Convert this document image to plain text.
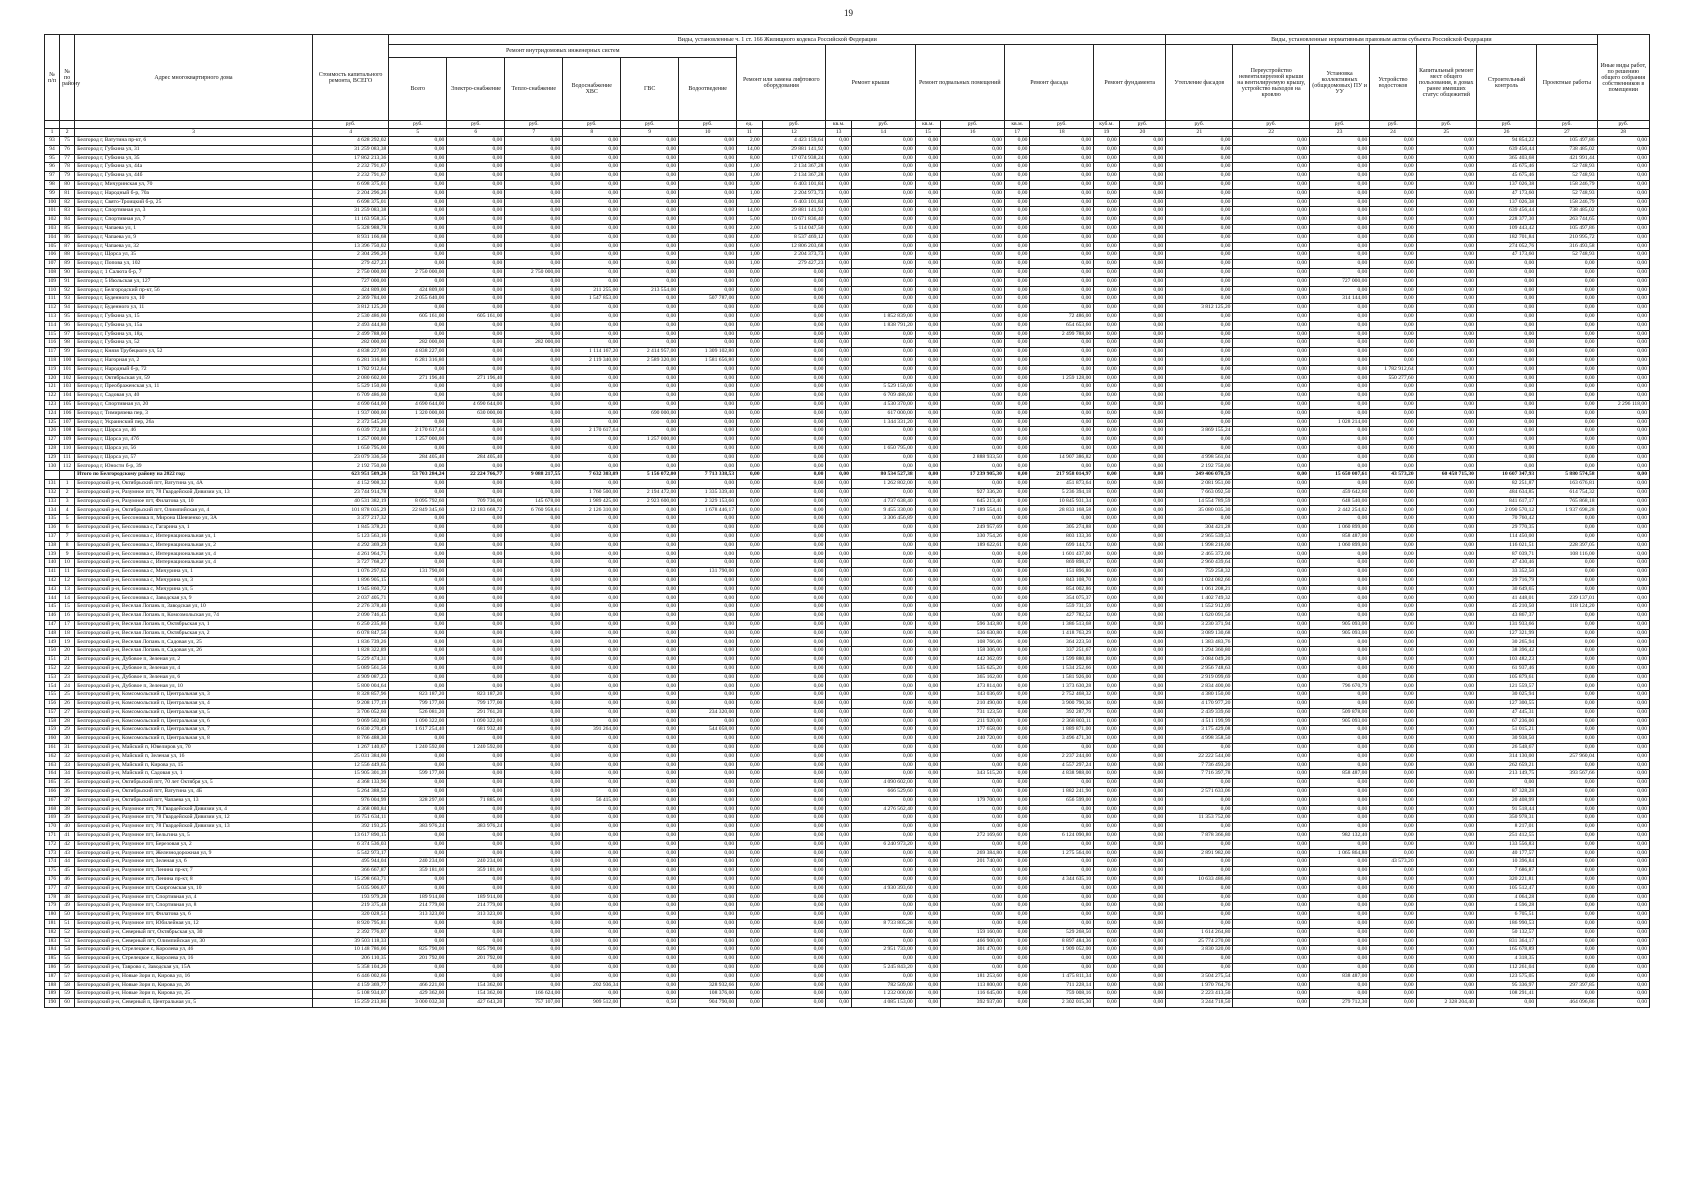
19
№ п/п	№ по району	Адрес многоквартирного дома	Стоимость капитального ремонта, ВСЕГО	Виды, установленные ч. 1 ст. 166 Жилищного кодекса Российской Федерации																Виды, установленные нормативным правовым актом субъекта Российской Федерации							Иные виды работ, по решению общего собрания собственников в помещении
				Ремонт внутридомовых инженерных систем						Ремонт или замена лифтового оборудования		Ремонт крыши		Ремонт подвальных помещений		Ремонт фасада		Ремонт фундамента		Утепление фасадов	Переустройство невентилируемой крыши на вентилируемую крышу, устройство выходов на кровлю	Установка коллективных (общедомовых) ПУ и УУ	Устройство водостоков	Капитальный ремонт мест общего пользования, в домах ранее имевших статус общежитий	Строительный контроль	Проектные работы	
				Всего	Электро-снабжение	Тепло-снабжение	Водоснабжение
ХВС	ГВС	Водоотведение																		
			руб.	руб.	руб.	руб.	руб.	руб.	руб.	ед.	руб.	кв.м.	руб.	кв.м.	руб.	кв.м.	руб.	куб.м.	руб.	руб.	руб.	руб.	руб.	руб.	руб.	руб.	руб.
1	2	3	4	5	6	7	8	9	10	11	12	13	14	15	16	17	18	19	20	21	22	23	24	25	26	27	28
93	75	Белгород г, Ватутина пр-кт, 6	4 628 292,02	0,00	0,00	0,00	0,00	0,00	0,00	2,00	4 423 159,64	0,00	0,00	0,00	0,00	0,00	0,00	0,00	0,00	0,00	0,00	0,00	0,00	0,00	94 854,22	105 497,86	0,00
94	76	Белгород г, Губкина ул, 31	31 259 083,38	0,00	0,00	0,00	0,00	0,00	0,00	14,00	29 881 141,92	0,00	0,00	0,00	0,00	0,00	0,00	0,00	0,00	0,00	0,00	0,00	0,00	0,00	639 456,44	738 485,02	0,00
95	77	Белгород г, Губкина ул, 35	17 862 213,36	0,00	0,00	0,00	0,00	0,00	0,00	8,00	17 074 938,24	0,00	0,00	0,00	0,00	0,00	0,00	0,00	0,00	0,00	0,00	0,00	0,00	0,00	365 403,68	421 991,44	0,00
96	78	Белгород г, Губкина ул, 44а	2 232 791,67	0,00	0,00	0,00	0,00	0,00	0,00	1,00	2 134 367,28	0,00	0,00	0,00	0,00	0,00	0,00	0,00	0,00	0,00	0,00	0,00	0,00	0,00	45 675,46	52 748,93	0,00
97	79	Белгород г, Губкина ул, 44б	2 232 791,67	0,00	0,00	0,00	0,00	0,00	0,00	1,00	2 134 367,28	0,00	0,00	0,00	0,00	0,00	0,00	0,00	0,00	0,00	0,00	0,00	0,00	0,00	45 675,46	52 748,93	0,00
98	80	Белгород г, Мичуринская ул, 70	6 698 375,01	0,00	0,00	0,00	0,00	0,00	0,00	3,00	6 403 101,84	0,00	0,00	0,00	0,00	0,00	0,00	0,00	0,00	0,00	0,00	0,00	0,00	0,00	137 026,38	158 246,79	0,00
99	81	Белгород г, Народный б-р, 70а	2 204 296,26	0,00	0,00	0,00	0,00	0,00	0,00	1,00	2 204 973,73	0,00	0,00	0,00	0,00	0,00	0,00	0,00	0,00	0,00	0,00	0,00	0,00	0,00	47 173,60	52 748,93	0,00
100	82	Белгород г, Свято-Троицкий б-р, 25	6 698 375,01	0,00	0,00	0,00	0,00	0,00	0,00	3,00	6 403 101,84	0,00	0,00	0,00	0,00	0,00	0,00	0,00	0,00	0,00	0,00	0,00	0,00	0,00	137 026,38	158 246,79	0,00
101	83	Белгород г, Спортивная ул, 3	31 259 083,38	0,00	0,00	0,00	0,00	0,00	0,00	14,00	29 881 141,92	0,00	0,00	0,00	0,00	0,00	0,00	0,00	0,00	0,00	0,00	0,00	0,00	0,00	639 456,44	738 485,02	0,00
102	84	Белгород г, Спортивная ул, 7	11 163 958,35	0,00	0,00	0,00	0,00	0,00	0,00	5,00	10 671 836,40	0,00	0,00	0,00	0,00	0,00	0,00	0,00	0,00	0,00	0,00	0,00	0,00	0,00	228 377,30	263 744,65	0,00
103	85	Белгород г, Чапаева ул, 1	5 328 988,78	0,00	0,00	0,00	0,00	0,00	0,00	2,00	5 114 047,50	0,00	0,00	0,00	0,00	0,00	0,00	0,00	0,00	0,00	0,00	0,00	0,00	0,00	109 443,42	105 497,86	0,00
104	86	Белгород г, Чапаева ул, 9	8 931 166,68	0,00	0,00	0,00	0,00	0,00	0,00	4,00	8 537 469,12	0,00	0,00	0,00	0,00	0,00	0,00	0,00	0,00	0,00	0,00	0,00	0,00	0,00	182 701,84	210 995,72	0,00
105	87	Белгород г, Чапаева ул, 32	13 396 750,02	0,00	0,00	0,00	0,00	0,00	0,00	6,00	12 806 203,68	0,00	0,00	0,00	0,00	0,00	0,00	0,00	0,00	0,00	0,00	0,00	0,00	0,00	274 052,76	316 493,58	0,00
106	88	Белгород г, Щорса ул, 35	2 304 296,26	0,00	0,00	0,00	0,00	0,00	0,00	1,00	2 204 373,73	0,00	0,00	0,00	0,00	0,00	0,00	0,00	0,00	0,00	0,00	0,00	0,00	0,00	47 173,60	52 748,93	0,00
107	89	Белгород г, Попова ул, 102	279 427,23	0,00	0,00	0,00	0,00	0,00	0,00	1,00	279 427,23	0,00	0,00	0,00	0,00	0,00	0,00	0,00	0,00	0,00	0,00	0,00	0,00	0,00	0,00	0,00	0,00
108	90	Белгород г, 1 Салюта б-р, 7	2 750 000,00	2 750 000,00	0,00	2 750 000,00	0,00	0,00	0,00	0,00	0,00	0,00	0,00	0,00	0,00	0,00	0,00	0,00	0,00	0,00	0,00	0,00	0,00	0,00	0,00	0,00	0,00
109	91	Белгород г, 5 Июльская ул, 127	727 000,00	0,00	0,00	0,00	0,00	0,00	0,00	0,00	0,00	0,00	0,00	0,00	0,00	0,00	0,00	0,00	0,00	0,00	0,00	727 000,00	0,00	0,00	0,00	0,00	0,00
110	92	Белгород г, Белгородский пр-кт, 56	424 809,00	424 809,00	0,00	0,00	211 255,00	213 554,00	0,00	0,00	0,00	0,00	0,00	0,00	0,00	0,00	0,00	0,00	0,00	0,00	0,00	0,00	0,00	0,00	0,00	0,00	0,00
111	93	Белгород г, Буденного ул, 10	2 369 784,00	2 055 640,00	0,00	0,00	1 547 853,00	0,00	507 787,00	0,00	0,00	0,00	0,00	0,00	0,00	0,00	0,00	0,00	0,00	0,00	0,00	314 144,00	0,00	0,00	0,00	0,00	0,00
112	94	Белгород г, Буденного ул, 11	3 812 125,20	0,00	0,00	0,00	0,00	0,00	0,00	0,00	0,00	0,00	0,00	0,00	0,00	0,00	0,00	0,00	0,00	3 812 125,20	0,00	0,00	0,00	0,00	0,00	0,00	0,00
113	95	Белгород г, Губкина ул, 15	2 530 486,00	605 161,00	605 161,00	0,00	0,00	0,00	0,00	0,00	0,00	0,00	1 852 839,00	0,00	0,00	0,00	72 486,00	0,00	0,00	0,00	0,00	0,00	0,00	0,00	0,00	0,00	0,00
114	96	Белгород г, Губкина ул, 15а	2 493 444,80	0,00	0,00	0,00	0,00	0,00	0,00	0,00	0,00	0,00	1 838 791,20	0,00	0,00	0,00	654 653,60	0,00	0,00	0,00	0,00	0,00	0,00	0,00	0,00	0,00	0,00
115	97	Белгород г, Губкина ул, 18д	2 499 788,00	0,00	0,00	0,00	0,00	0,00	0,00	0,00	0,00	0,00	0,00	0,00	0,00	0,00	2 499 788,00	0,00	0,00	0,00	0,00	0,00	0,00	0,00	0,00	0,00	0,00
116	98	Белгород г, Губкина ул, 52	282 000,00	282 000,00	0,00	282 000,00	0,00	0,00	0,00	0,00	0,00	0,00	0,00	0,00	0,00	0,00	0,00	0,00	0,00	0,00	0,00	0,00	0,00	0,00	0,00	0,00	0,00
117	99	Белгород г, Князя Трубецкого ул, 52	4 838 227,00	4 838 227,00	0,00	0,00	1 114 167,20	2 414 957,00	1 309 102,80	0,00	0,00	0,00	0,00	0,00	0,00	0,00	0,00	0,00	0,00	0,00	0,00	0,00	0,00	0,00	0,00	0,00	0,00
118	100	Белгород г, Нагорная ул, 2	6 281 316,80	6 281 316,80	0,00	0,00	2 119 340,00	2 589 320,00	1 581 656,80	0,00	0,00	0,00	0,00	0,00	0,00	0,00	0,00	0,00	0,00	0,00	0,00	0,00	0,00	0,00	0,00	0,00	0,00
119	101	Белгород г, Народный б-р, 72	1 782 912,64	0,00	0,00	0,00	0,00	0,00	0,00	0,00	0,00	0,00	0,00	0,00	0,00	0,00	0,00	0,00	0,00	0,00	0,00	0,00	1 782 912,64	0,00	0,00	0,00	0,00
120	102	Белгород г, Октябрьская ул, 59	2 080 602,00	271 196,40	271 196,40	0,00	0,00	0,00	0,00	0,00	0,00	0,00	0,00	0,00	0,00	0,00	1 259 128,00	0,00	0,00	0,00	0,00	0,00	550 277,60	0,00	0,00	0,00	0,00
121	103	Белгород г, Преображенская ул, 11	5 529 150,00	0,00	0,00	0,00	0,00	0,00	0,00	0,00	0,00	0,00	5 529 150,00	0,00	0,00	0,00	0,00	0,00	0,00	0,00	0,00	0,00	0,00	0,00	0,00	0,00	0,00
122	104	Белгород г, Садовая ул, 40	6 709 486,00	0,00	0,00	0,00	0,00	0,00	0,00	0,00	0,00	0,00	6 709 486,00	0,00	0,00	0,00	0,00	0,00	0,00	0,00	0,00	0,00	0,00	0,00	0,00	0,00	0,00
123	105	Белгород г, Спортивная ул, 20	4 690 644,00	4 690 644,00	4 690 644,00	0,00	0,00	0,00	0,00	0,00	0,00	0,00	4 530 370,00	0,00	0,00	0,00	0,00	0,00	0,00	0,00	0,00	0,00	0,00	0,00	0,00	0,00	2 296 118,00
124	106	Белгород г, Тимирязева пер, 3	1 937 000,00	1 320 000,00	630 000,00	0,00	0,00	690 000,00	0,00	0,00	0,00	0,00	617 000,00	0,00	0,00	0,00	0,00	0,00	0,00	0,00	0,00	0,00	0,00	0,00	0,00	0,00	0,00
125	107	Белгород г, Украинский пер, 26а	2 372 545,20	0,00	0,00	0,00	0,00	0,00	0,00	0,00	0,00	0,00	1 344 331,20	0,00	0,00	0,00	0,00	0,00	0,00	0,00	0,00	1 028 214,00	0,00	0,00	0,00	0,00	0,00
126	108	Белгород г, Щорса ул, 46	6 039 772,88	2 170 617,64	0,00	0,00	2 170 617,64	0,00	0,00	0,00	0,00	0,00	0,00	0,00	0,00	0,00	0,00	0,00	0,00	3 869 155,24	0,00	0,00	0,00	0,00	0,00	0,00	0,00
127	109	Белгород г, Щорса ул, 47б	1 257 000,00	1 257 000,00	0,00	0,00	0,00	1 257 000,00	0,00	0,00	0,00	0,00	0,00	0,00	0,00	0,00	0,00	0,00	0,00	0,00	0,00	0,00	0,00	0,00	0,00	0,00	0,00
128	110	Белгород г, Щорса ул, 56	1 650 795,00	0,00	0,00	0,00	0,00	0,00	0,00	0,00	0,00	0,00	1 650 795,00	0,00	0,00	0,00	0,00	0,00	0,00	0,00	0,00	0,00	0,00	0,00	0,00	0,00	0,00
129	111	Белгород г, Щорса ул, 57	23 079 336,56	284 405,40	284 405,40	0,00	0,00	0,00	0,00	0,00	0,00	0,00	0,00	0,00	2 888 933,50	0,00	14 907 386,82	0,00	0,00	4 998 561,04	0,00	0,00	0,00	0,00	0,00	0,00	0,00
130	112	Белгород г, Юности б-р, 39	2 192 750,00	0,00	0,00	0,00	0,00	0,00	0,00	0,00	0,00	0,00	0,00	0,00	0,00	0,00	0,00	0,00	0,00	2 192 750,00	0,00	0,00	0,00	0,00	0,00	0,00	0,00
		Итого по Белгородскому району на 2022 год:	623 951 509,26	53 703 284,24	22 224 766,77	9 088 217,55	7 632 303,09	5 156 072,00	7 713 338,53	0,00	0,00	0,00	80 534 527,38	0,00	17 239 905,30	0,00	217 958 014,97	0,00	0,00	249 406 070,59	0,00	15 650 007,61	43 573,20	60 458 715,30	10 607 347,93	5 880 574,58	0,00
131	1	Белгородский р-н, Октябрьский пгт, Ватутина ул, 4А	4 152 908,32	0,00	0,00	0,00	0,00	0,00	0,00	0,00	0,00	0,00	1 262 802,00	0,00	0,00	0,00	451 873,64	0,00	0,00	2 081 951,00	0,00	0,00	0,00	0,00	82 251,87	163 676,81	0,00
132	2	Белгородский р-н, Разумное пгт, 78 Гвардейской Дивизии ул, 13	23 744 914,78	0,00	0,00	0,00	1 760 500,00	2 194 472,00	1 335 339,40	0,00	0,00	0,00	0,00	0,00	927 336,20	0,00	5 236 394,18	0,00	0,00	7 663 092,50	0,00	459 642,60	0,00	0,00	484 634,85	614 754,32	0,00
133	3	Белгородский р-н, Разумное пгт, Филатова ул, 10	40 531 382,19	8 095 792,60	709 736,00	145 678,00	1 989 425,00	2 923 600,00	2 329 153,60	0,00	0,00	0,00	4 737 638,40	0,00	645 213,40	0,00	10 845 931,34	0,00	0,00	14 554 789,59	0,00	648 540,00	0,00	0,00	841 617,17	765 868,18	0,00
134	4	Белгородский р-н, Октябрьский пгт, Олимпийская ул, 4	101 878 035,29	22 849 345,60	12 183 668,72	6 760 958,61	2 126 310,00	0,00	1 678 446,17	0,00	0,00	0,00	9 455 330,00	0,00	7 189 554,41	0,00	28 833 168,58	0,00	0,00	35 080 035,30	0,00	2 442 254,02	0,00	0,00	2 090 570,12	1 937 698,28	0,00
135	5	Белгородский р-н, Бессоновка п, Мирона Шевченко ул, 3А	3 377 217,32	0,00	0,00	0,00	0,00	0,00	0,00	0,00	0,00	0,00	3 306 456,89	0,00	0,00	0,00	0,00	0,00	0,00	0,00	0,00	0,00	0,00	0,00	70 760,42	0,00	0,00
136	6	Белгородский р-н, Бессоновка с, Гагарина ул, 1	1 845 378,21	0,00	0,00	0,00	0,00	0,00	0,00	0,00	0,00	0,00	0,00	0,00	249 957,69	0,00	305 274,88	0,00	0,00	304 421,28	0,00	1 060 899,00	0,00	0,00	29 770,35	0,00	0,00
137	7	Белгородский р-н, Бессоновка с, Интернациональная ул, 1	5 123 563,16	0,00	0,00	0,00	0,00	0,00	0,00	0,00	0,00	0,00	0,00	0,00	330 754,26	0,00	803 133,36	0,00	0,00	2 965 539,53	0,00	858 487,00	0,00	0,00	114 450,00	0,00	0,00
138	8	Белгородский р-н, Бессоновка с, Интернациональная ул, 2	4 292 369,29	0,00	0,00	0,00	0,00	0,00	0,00	0,00	0,00	0,00	0,00	0,00	189 622,61	0,00	699 144,73	0,00	0,00	1 998 216,00	0,00	1 060 899,00	0,00	0,00	116 021,51	228 397,05	0,00
139	9	Белгородский р-н, Бессоновка с, Интернациональная ул, 4	4 261 964,71	0,00	0,00	0,00	0,00	0,00	0,00	0,00	0,00	0,00	0,00	0,00	0,00	0,00	1 601 437,00	0,00	0,00	2 465 372,00	0,00	0,00	0,00	0,00	87 039,71	108 116,00	0,00
140	10	Белгородский р-н, Бессоновка с, Интернациональная ул, 4	3 727 768,27	0,00	0,00	0,00	0,00	0,00	0,00	0,00	0,00	0,00	0,00	0,00	0,00	0,00	869 898,17	0,00	0,00	2 960 439,64	0,00	0,00	0,00	0,00	47 430,46	0,00	0,00
141	11	Белгородский р-н, Бессоновка с, Мичурина ул, 1	1 076 297,62	131 790,00	0,00	0,00	0,00	0,00	131 790,00	0,00	0,00	0,00	0,00	0,00	0,00	0,00	151 896,80	0,00	0,00	759 258,32	0,00	0,00	0,00	0,00	33 352,50	0,00	0,00
142	12	Белгородский р-н, Бессоновка с, Мичурина ул, 3	1 896 905,15	0,00	0,00	0,00	0,00	0,00	0,00	0,00	0,00	0,00	0,00	0,00	0,00	0,00	843 108,70	0,00	0,00	1 024 082,66	0,00	0,00	0,00	0,00	29 716,79	0,00	0,00
143	13	Белгородский р-н, Бессоновка с, Мичурина ул, 5	1 945 860,72	0,00	0,00	0,00	0,00	0,00	0,00	0,00	0,00	0,00	0,00	0,00	0,00	0,00	854 002,86	0,00	0,00	1 061 208,21	0,00	0,00	0,00	0,00	30 649,65	0,00	0,00
144	14	Белгородский р-н, Бессоновка с, Заводская ул, 9	2 037 405,71	0,00	0,00	0,00	0,00	0,00	0,00	0,00	0,00	0,00	0,00	0,00	0,00	0,00	354 075,37	0,00	0,00	1 402 749,32	0,00	0,00	0,00	0,00	41 448,01	239 137,01	0,00
145	15	Белгородский р-н, Веселая Лопань п, Заводская ул, 10	2 276 378,40	0,00	0,00	0,00	0,00	0,00	0,00	0,00	0,00	0,00	0,00	0,00	0,00	0,00	559 731,59	0,00	0,00	1 552 912,09	0,00	0,00	0,00	0,00	45 210,50	118 124,20	0,00
146	16	Белгородский р-н, Веселая Лопань п, Комсомольская ул, 74	2 090 746,45	0,00	0,00	0,00	0,00	0,00	0,00	0,00	0,00	0,00	0,00	0,00	0,00	0,00	427 782,52	0,00	0,00	1 620 091,56	0,00	0,00	0,00	0,00	43 867,37	0,00	0,00
147	17	Белгородский р-н, Веселая Лопань п, Октябрьская ул, 1	6 250 235,86	0,00	0,00	0,00	0,00	0,00	0,00	0,00	0,00	0,00	0,00	0,00	596 343,80	0,00	1 386 513,68	0,00	0,00	3 230 371,94	0,00	905 093,00	0,00	0,00	131 933,66	0,00	0,00
148	18	Белгородский р-н, Веселая Лопань п, Октябрьская ул, 2	6 078 847,56	0,00	0,00	0,00	0,00	0,00	0,00	0,00	0,00	0,00	0,00	0,00	536 630,80	0,00	1 418 763,29	0,00	0,00	3 089 130,68	0,00	905 093,00	0,00	0,00	127 321,99	0,00	0,00
149	19	Белгородский р-н, Веселая Лопань п, Садовая ул, 25	1 836 739,26	0,00	0,00	0,00	0,00	0,00	0,00	0,00	0,00	0,00	0,00	0,00	108 766,06	0,00	364 223,50	0,00	0,00	1 383 483,76	0,00	0,00	0,00	0,00	30 265,94	0,00	0,00
150	20	Белгородский р-н, Веселая Лопань п, Садовая ул, 26	1 828 322,89	0,00	0,00	0,00	0,00	0,00	0,00	0,00	0,00	0,00	0,00	0,00	158 306,00	0,00	337 251,67	0,00	0,00	1 294 360,80	0,00	0,00	0,00	0,00	38 396,42	0,00	0,00
151	21	Белгородский р-н, Дубовое п, Зеленая ул, 2	5 229 474,31	0,00	0,00	0,00	0,00	0,00	0,00	0,00	0,00	0,00	0,00	0,00	442 362,09	0,00	1 599 880,88	0,00	0,00	3 084 049,20	0,00	0,00	0,00	0,00	103 482,23	0,00	0,00
152	22	Белгородский р-н, Дубовое п, Зеленая ул, 4	5 089 561,56	0,00	0,00	0,00	0,00	0,00	0,00	0,00	0,00	0,00	0,00	0,00	535 625,20	0,00	1 534 252,66	0,00	0,00	2 956 748,63	0,00	0,00	0,00	0,00	61 937,46	0,00	0,00
153	23	Белгородский р-н, Дубовое п, Зеленая ул, 6	4 909 087,23	0,00	0,00	0,00	0,00	0,00	0,00	0,00	0,00	0,00	0,00	0,00	365 162,00	0,00	1 581 926,00	0,00	0,00	2 919 099,69	0,00	0,00	0,00	0,00	105 879,61	0,00	0,00
154	24	Белгородский р-н, Дубовое п, Зеленая ул, 10	5 800 004,64	0,00	0,00	0,00	0,00	0,00	0,00	0,00	0,00	0,00	0,00	0,00	473 814,00	0,00	1 373 630,28	0,00	0,00	2 834 400,00	0,00	796 670,79	0,00	0,00	121 559,57	0,00	0,00
155	25	Белгородский р-н, Комсомольский п, Центральная ул, 3	8 328 857,96	823 187,20	823 187,20	0,00	0,00	0,00	0,00	0,00	0,00	0,00	0,00	0,00	343 036,69	0,00	2 752 468,32	0,00	0,00	4 380 150,00	0,00	0,00	0,00	0,00	30 025,94	0,00	0,00
156	26	Белгородский р-н, Комсомольский п, Центральная ул, 4	9 208 177,19	799 177,00	799 177,00	0,00	0,00	0,00	0,00	0,00	0,00	0,00	0,00	0,00	210 490,00	0,00	3 900 790,36	0,00	0,00	4 170 977,20	0,00	0,00	0,00	0,00	127 300,55	0,00	0,00
157	27	Белгородский р-н, Комсомольский п, Центральная ул, 5	3 706 052,60	526 081,20	291 761,20	0,00	0,00	0,00	234 320,00	0,00	0,00	0,00	0,00	0,00	731 123,50	0,00	392 287,79	0,00	0,00	2 439 339,60	0,00	509 878,00	0,00	0,00	47 445,31	0,00	0,00
158	28	Белгородский р-н, Комсомольский п, Центральная ул, 6	9 069 502,80	1 090 322,00	1 090 322,00	0,00	0,00	0,00	0,00	0,00	0,00	0,00	0,00	0,00	211 920,00	0,00	2 368 803,11	0,00	0,00	4 511 199,99	0,00	905 093,00	0,00	0,00	67 236,00	0,00	0,00
159	29	Белгородский р-н, Комсомольский п, Центральная ул, 7	6 830 270,49	1 617 254,40	681 932,40	0,00	391 264,00	0,00	544 058,00	0,00	0,00	0,00	0,00	0,00	177 658,00	0,00	1 889 871,00	0,00	0,00	3 175 429,08	0,00	0,00	0,00	0,00	51 015,21	0,00	0,00
160	30	Белгородский р-н, Комсомольский п, Центральная ул, 8	8 766 488,30	0,00	0,00	0,00	0,00	0,00	0,00	0,00	0,00	0,00	0,00	0,00	240 720,00	0,00	3 496 471,30	0,00	0,00	4 998 358,50	0,00	0,00	0,00	0,00	30 938,50	0,00	0,00
161	31	Белгородский р-н, Майский п, Ювелиров ул, 70	1 267 140,67	1 240 592,00	1 240 592,00	0,00	0,00	0,00	0,00	0,00	0,00	0,00	0,00	0,00	0,00	0,00	0,00	0,00	0,00	0,00	0,00	0,00	0,00	0,00	26 548,67	0,00	0,00
162	32	Белгородский р-н, Майский п, Зеленая ул, 16	25 031 384,00	0,00	0,00	0,00	0,00	0,00	0,00	0,00	0,00	0,00	0,00	0,00	0,00	0,00	2 237 244,00	0,00	0,00	22 222 544,00	0,00	0,00	0,00	0,00	314 130,00	257 960,04	0,00
163	33	Белгородский р-н, Майский п, Кирова ул, 15	12 556 449,65	0,00	0,00	0,00	0,00	0,00	0,00	0,00	0,00	0,00	0,00	0,00	0,00	0,00	4 557 297,24	0,00	0,00	7 736 493,20	0,00	0,00	0,00	0,00	262 659,21	0,00	0,00
164	34	Белгородский р-н, Майский п, Садовая ул, 1	15 905 301,39	599 177,00	0,00	0,00	0,00	0,00	0,00	0,00	0,00	0,00	0,00	0,00	343 515,20	0,00	4 838 988,00	0,00	0,00	7 716 397,78	0,00	858 487,00	0,00	0,00	213 149,75	393 567,66	0,00
165	35	Белгородский р-н, Октябрьский пгт, 70 лет Октября ул, 5	4 368 133,96	0,00	0,00	0,00	0,00	0,00	0,00	0,00	0,00	0,00	4 090 602,00	0,00	0,00	0,00	0,00	0,00	0,00	0,00	0,00	0,00	0,00	0,00	0,00	0,00	0,00
166	36	Белгородский р-н, Октябрьский пгт, Ватутина ул, 4Б	5 264 388,52	0,00	0,00	0,00	0,00	0,00	0,00	0,00	0,00	0,00	666 529,60	0,00	0,00	0,00	1 882 241,90	0,00	0,00	2 571 633,06	0,00	0,00	0,00	0,00	87 328,28	0,00	0,00
167	37	Белгородский р-н, Октябрьский пгт, Чапаева ул, 13	976 004,99	328 297,00	71 885,00	0,00	56 415,00	0,00	0,00	0,00	0,00	0,00	0,00	0,00	179 700,00	0,00	656 599,00	0,00	0,00	0,00	0,00	0,00	0,00	0,00	20 408,99	0,00	0,00
168	38	Белгородский р-н, Разумное пгт, 78 Гвардейской Дивизии ул, 4	4 368 080,84	0,00	0,00	0,00	0,00	0,00	0,00	0,00	0,00	0,00	4 276 562,40	0,00	0,00	0,00	0,00	0,00	0,00	0,00	0,00	0,00	0,00	0,00	91 518,44	0,00	0,00
169	39	Белгородский р-н, Разумное пгт, 78 Гвардейской Дивизии ул, 12	16 751 634,11	0,00	0,00	0,00	0,00	0,00	0,00	0,00	0,00	0,00	0,00	0,00	0,00	0,00	0,00	0,00	0,00	11 353 752,00	0,00	0,00	0,00	0,00	350 978,31	0,00	0,00
170	40	Белгородский р-н, Разумное пгт, 78 Гвардейской Дивизии ул, 13	392 193,25	383 976,24	383 976,24	0,00	0,00	0,00	0,00	0,00	0,00	0,00	0,00	0,00	0,00	0,00	0,00	0,00	0,00	0,00	0,00	0,00	0,00	0,00	8 217,01	0,00	0,00
171	41	Белгородский р-н, Разумное пгт, Бельгина ул, 5	13 617 890,15	0,00	0,00	0,00	0,00	0,00	0,00	0,00	0,00	0,00	0,00	0,00	272 169,60	0,00	6 124 090,80	0,00	0,00	7 878 366,80	0,00	982 132,40	0,00	0,00	251 412,55	0,00	0,00
172	42	Белгородский р-н, Разумное пгт, Березовая ул, 2	6 374 536,03	0,00	0,00	0,00	0,00	0,00	0,00	0,00	0,00	0,00	6 240 973,20	0,00	0,00	0,00	0,00	0,00	0,00	0,00	0,00	0,00	0,00	0,00	133 556,83	0,00	0,00
173	43	Белгородский р-н, Разумное пгт, Железнодорожная ул, 9	5 542 973,17	0,00	0,00	0,00	0,00	0,00	0,00	0,00	0,00	0,00	0,00	0,00	269 384,80	0,00	1 275 564,00	0,00	0,00	2 891 982,00	0,00	1 065 864,80	0,00	0,00	40 177,57	0,00	0,00
174	44	Белгородский р-н, Разумное пгт, Зеленая ул, 6	495 944,04	240 234,00	240 234,00	0,00	0,00	0,00	0,00	0,00	0,00	0,00	0,00	0,00	201 740,00	0,00	0,00	0,00	0,00	0,00	0,00	0,00	43 573,20	0,00	10 396,84	0,00	0,00
175	45	Белгородский р-н, Разумное пгт, Ленина пр-кт, 7	366 667,87	359 181,00	359 181,00	0,00	0,00	0,00	0,00	0,00	0,00	0,00	0,00	0,00	0,00	0,00	0,00	0,00	0,00	0,00	0,00	0,00	0,00	0,00	7 686,87	0,00	0,00
176	46	Белгородский р-н, Разумное пгт, Ленина пр-кт, 8	15 298 663,71	0,00	0,00	0,00	0,00	0,00	0,00	0,00	0,00	0,00	0,00	0,00	0,00	0,00	4 344 635,10	0,00	0,00	10 633 486,80	0,00	0,00	0,00	0,00	320 221,81	0,00	0,00
177	47	Белгородский р-н, Разумное пгт, Скиргомская ул, 10	5 035 906,07	0,00	0,00	0,00	0,00	0,00	0,00	0,00	0,00	0,00	4 930 393,60	0,00	0,00	0,00	0,00	0,00	0,00	0,00	0,00	0,00	0,00	0,00	105 512,47	0,00	0,00
178	48	Белгородский р-н, Разумное пгт, Спортивная ул, 4	193 979,28	189 914,00	189 914,00	0,00	0,00	0,00	0,00	0,00	0,00	0,00	0,00	0,00	0,00	0,00	0,00	0,00	0,00	0,00	0,00	0,00	0,00	0,00	4 064,28	0,00	0,00
179	49	Белгородский р-н, Разумное пгт, Спортивная ул, 8	219 375,48	214 779,00	214 779,00	0,00	0,00	0,00	0,00	0,00	0,00	0,00	0,00	0,00	0,00	0,00	0,00	0,00	0,00	0,00	0,00	0,00	0,00	0,00	4 596,28	0,00	0,00
180	50	Белгородский р-н, Разумное пгт, Филатова ул, 6	320 028,51	313 323,00	313 323,00	0,00	0,00	0,00	0,00	0,00	0,00	0,00	0,00	0,00	0,00	0,00	0,00	0,00	0,00	0,00	0,00	0,00	0,00	0,00	6 705,51	0,00	0,00
181	51	Белгородский р-н, Разумное пгт, Юбилейная ул, 12	8 920 795,81	0,00	0,00	0,00	0,00	0,00	0,00	0,00	0,00	0,00	8 733 805,28	0,00	0,00	0,00	0,00	0,00	0,00	0,00	0,00	0,00	0,00	0,00	186 990,53	0,00	0,00
182	52	Белгородский р-н, Северный пгт, Октябрьская ул, 30	2 392 776,07	0,00	0,00	0,00	0,00	0,00	0,00	0,00	0,00	0,00	0,00	0,00	159 160,00	0,00	529 268,50	0,00	0,00	1 614 264,80	0,00	0,00	0,00	0,00	50 132,57	0,00	0,00
183	53	Белгородский р-н, Северный пгт, Олимпийская ул, 30	39 503 118,33	0,00	0,00	0,00	0,00	0,00	0,00	0,00	0,00	0,00	0,00	0,00	466 900,00	0,00	8 897 484,36	0,00	0,00	25 774 270,00	0,00	0,00	0,00	0,00	831 364,17	0,00	0,00
184	54	Белгородский р-н, Стрелецкое с, Королева ул, 46	10 148 786,06	825 790,00	825 790,00	0,00	0,00	0,00	0,00	0,00	0,00	0,00	2 951 733,00	0,00	301 470,00	0,00	1 909 052,00	0,00	0,00	3 830 320,00	0,00	0,00	0,00	0,00	165 678,89	0,00	0,00
185	55	Белгородский р-н, Стрелецкое с, Королева ул, 16	206 110,35	201 792,00	201 792,00	0,00	0,00	0,00	0,00	0,00	0,00	0,00	0,00	0,00	0,00	0,00	0,00	0,00	0,00	0,00	0,00	0,00	0,00	0,00	4 318,35	0,00	0,00
186	56	Белгородский р-н, Таврово с, Заводская ул, 15А	5 358 104,26	0,00	0,00	0,00	0,00	0,00	0,00	0,00	0,00	0,00	5 245 843,20	0,00	0,00	0,00	0,00	0,00	0,00	0,00	0,00	0,00	0,00	0,00	112 261,04	0,00	0,00
187	57	Белгородский р-н, Новые Зори п, Кирова ул, 16	6 446 002,66	0,00	0,00	0,00	0,00	0,00	0,00	0,00	0,00	0,00	0,00	0,00	181 253,60	0,00	1 475 811,34	0,00	0,00	3 504 275,54	0,00	838 487,00	0,00	0,00	123 575,05	0,00	0,00
188	58	Белгородский р-н, Новые Зори п, Кирова ул, 26	4 159 369,77	466 221,00	154 362,00	0,00	202 936,34	0,00	328 932,66	0,00	0,00	0,00	782 509,00	0,00	113 800,00	0,00	711 228,14	0,00	0,00	1 970 764,76	0,00	0,00	0,00	0,00	95 336,97	297 397,85	0,00
189	59	Белгородский р-н, Новые Зори п, Кирова ул, 25	5 108 934,07	429 362,00	154 362,00	166 624,00	0,00	0,00	108 376,00	0,00	0,00	0,00	1 232 000,00	0,00	116 645,00	0,00	759 008,16	0,00	0,00	2 223 413,50	0,00	0,00	0,00	0,00	108 291,41	0,00	0,00
190	60	Белгородский р-н, Северный п, Центральная ул, 5	15 259 213,86	3 000 032,30	427 643,20	757 107,00	909 512,00	0,50	904 790,00	0,00	0,00	0,00	4 085 153,00	0,00	392 937,00	0,00	2 302 015,30	0,00	0,00	3 244 718,50	0,00	279 712,30	0,00	2 328 204,40	0,00	464 096,86	0,00
